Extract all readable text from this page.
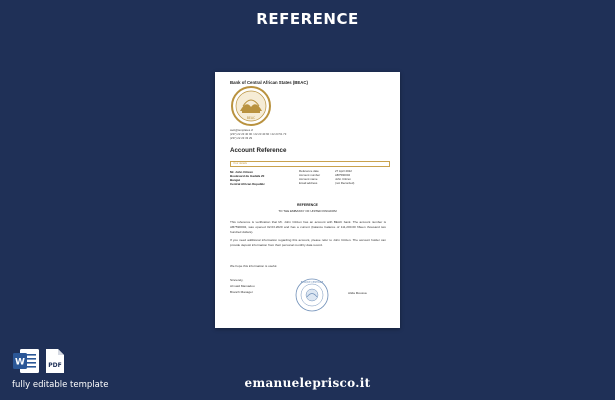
REFERENCE
Bank of Central African States (BEAC)
BEAC
web@templates.cf
(237) 22 23 40 00 / 22 23 40 60 / 22 23 51 73
(237) 22 23 33 29
Account Reference
Your details
Mr. John Citizen
Boulevard du Gadafa 20
Bangui
Central African Republic
Reference date	27 April 2022
Account number	AB7590002
Account name	John Citizen
Email address	(not Recorded)
REFERENCE
TO THE EMBASSY OF UNITED KINGDOM
This reference is verification that Mr. John Citizen has an account with BEAC bank. The account number is AB7590002, was opened 02.03.2020 and has a current (balance balance of 111,200.00 fifteen thousand two hundred dollars).
If you need additional information regarding this account, please refer to John Citizen. The account holder can provide deposit information from their personal monthly data record.
We hope this information is useful.
Sincerely,
Ali said Mamadou
Branch Manager
BANQUE CENTRALE
Alida Moussa
W	PDF
fully editable template	emanueleprisco.it
